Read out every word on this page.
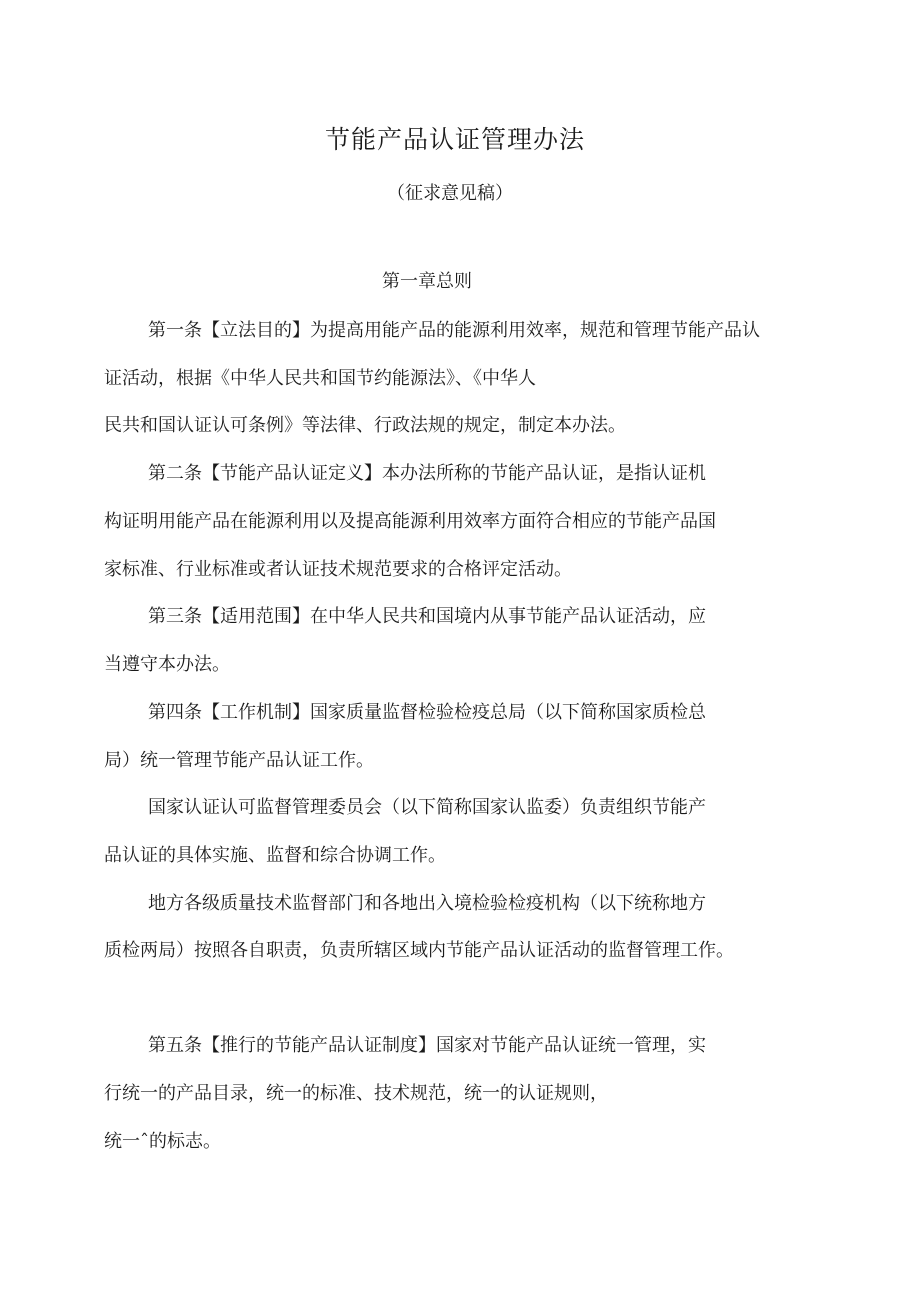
节能产品认证管理办法

（征求意见稿）

第一章总则

第一条【立法目的】为提高用能产品的能源利用效率，规范和管理节能产品认

证活动，根据《中华人民共和国节约能源法》、《中华人

民共和国认证认可条例》等法律、行政法规的规定，制定本办法。

第二条【节能产品认证定义】本办法所称的节能产品认证，是指认证机

构证明用能产品在能源利用以及提高能源利用效率方面符合相应的节能产品国

家标准、行业标准或者认证技术规范要求的合格评定活动。

第三条【适用范围】在中华人民共和国境内从事节能产品认证活动，应

当遵守本办法。

第四条【工作机制】国家质量监督检验检疫总局（以下简称国家质检总

局）统一管理节能产品认证工作。

国家认证认可监督管理委员会（以下简称国家认监委）负责组织节能产

品认证的具体实施、监督和综合协调工作。

地方各级质量技术监督部门和各地出入境检验检疫机构（以下统称地方

质检两局）按照各自职责，负责所辖区域内节能产品认证活动的监督管理工作。

第五条【推行的节能产品认证制度】国家对节能产品认证统一管理，实

行统一的产品目录，统一的标准、技术规范，统一的认证规则，

统一ˆ的标志。
